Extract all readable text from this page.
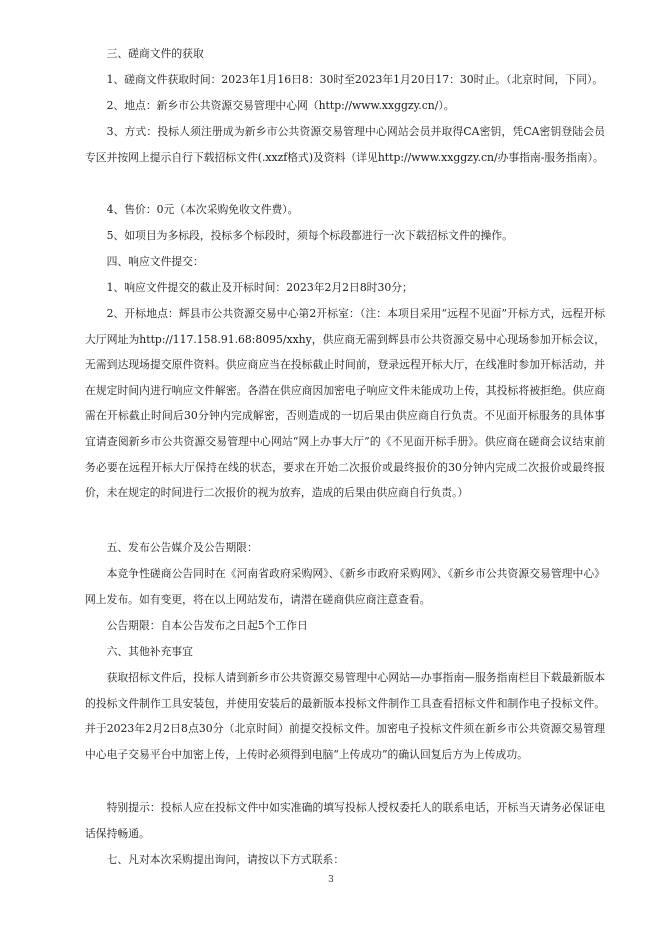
三、磋商文件的获取

1、磋商文件获取时间：2023年1月16日8：30时至2023年1月20日17：30时止。（北京时间，下同）。

2、地点：新乡市公共资源交易管理中心网（http://www.xxggzy.cn/）。

3、方式：投标人须注册成为新乡市公共资源交易管理中心网站会员并取得CA密钥，凭CA密钥登陆会员专区并按网上提示自行下载招标文件(.xxzf格式)及资料（详见http://www.xxggzy.cn/办事指南-服务指南）。

4、售价：0元（本次采购免收文件费）。

5、如项目为多标段，投标多个标段时，须每个标段都进行一次下载招标文件的操作。

四、响应文件提交：

1、响应文件提交的截止及开标时间：2023年2月2日8时30分；

2、开标地点：辉县市公共资源交易中心第2开标室：（注：本项目采用“远程不见面”开标方式，远程开标大厅网址为http://117.158.91.68:8095/xxhy，供应商无需到辉县市公共资源交易中心现场参加开标会议，无需到达现场提交原件资料。供应商应当在投标截止时间前，登录远程开标大厅，在线准时参加开标活动，并在规定时间内进行响应文件解密。各潜在供应商因加密电子响应文件未能成功上传，其投标将被拒绝。供应商需在开标截止时间后30分钟内完成解密，否则造成的一切后果由供应商自行负责。不见面开标服务的具体事宜请查阅新乡市公共资源交易管理中心网站“网上办事大厅”的《不见面开标手册》。供应商在磋商会议结束前务必要在远程开标大厅保持在线的状态，要求在开始二次报价或最终报价的30分钟内完成二次报价或最终报价，未在规定的时间进行二次报价的视为放弃，造成的后果由供应商自行负责。）

五、发布公告媒介及公告期限：

本竞争性磋商公告同时在《河南省政府采购网》、《新乡市政府采购网》、《新乡市公共资源交易管理中心》网上发布。如有变更，将在以上网站发布，请潜在磋商供应商注意查看。

公告期限：自本公告发布之日起5个工作日

六、其他补充事宜

获取招标文件后，投标人请到新乡市公共资源交易管理中心网站—办事指南—服务指南栏目下载最新版本的投标文件制作工具安装包，并使用安装后的最新版本投标文件制作工具查看招标文件和制作电子投标文件。并于2023年2月2日8点30分（北京时间）前提交投标文件。加密电子投标文件须在新乡市公共资源交易管理中心电子交易平台中加密上传，上传时必须得到电脑“上传成功”的确认回复后方为上传成功。

特别提示：投标人应在投标文件中如实准确的填写投标人授权委托人的联系电话，开标当天请务必保证电话保持畅通。

七、凡对本次采购提出询问，请按以下方式联系：

3
